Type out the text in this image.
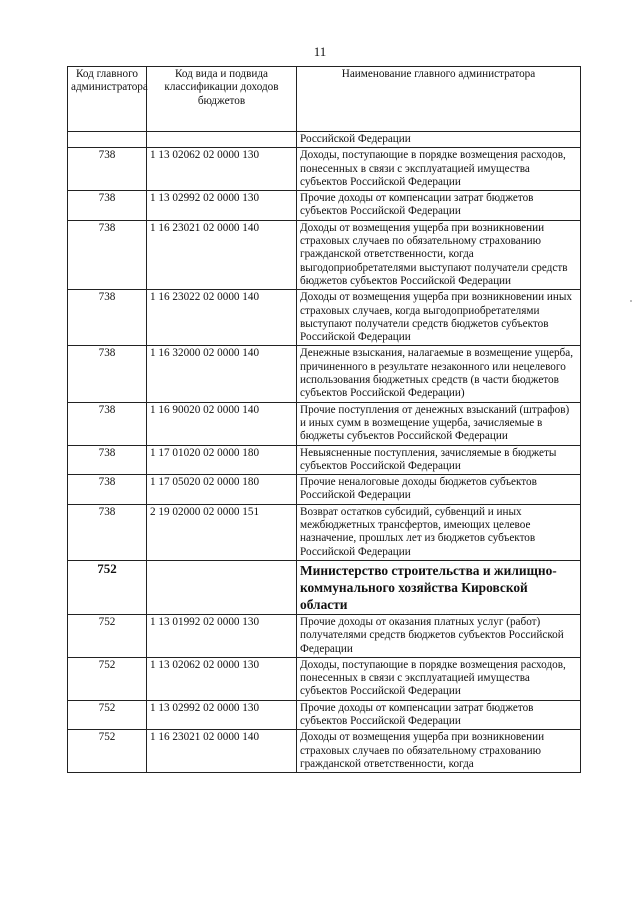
11
Код главного администратора	Код вида и подвида классификации доходов бюджетов	Наименование главного администратора
		Российской Федерации
738	1 13 02062 02 0000 130	Доходы, поступающие в порядке возмещения расходов, понесенных в связи с эксплуатацией имущества субъектов Российской Федерации
738	1 13 02992 02 0000 130	Прочие доходы от компенсации затрат бюджетов субъектов Российской Федерации
738	1 16 23021 02 0000 140	Доходы от возмещения ущерба при возникновении страховых случаев по обязательному страхованию гражданской ответственности, когда выгодоприобретателями выступают получатели средств бюджетов субъектов Российской Федерации
738	1 16 23022 02 0000 140	Доходы от возмещения ущерба при возникновении иных страховых случаев, когда выгодоприобретателями выступают получатели средств бюджетов субъектов Российской Федерации
738	1 16 32000 02 0000 140	Денежные взыскания, налагаемые в возмещение ущерба, причиненного в результате незаконного или нецелевого использования бюджетных средств (в части бюджетов субъектов Российской Федерации)
738	1 16 90020 02 0000 140	Прочие поступления от денежных взысканий (штрафов) и иных сумм в возмещение ущерба, зачисляемые в бюджеты субъектов Российской Федерации
738	1 17 01020 02 0000 180	Невыясненные поступления, зачисляемые в бюджеты субъектов Российской Федерации
738	1 17 05020 02 0000 180	Прочие неналоговые доходы бюджетов субъектов Российской Федерации
738	2 19 02000 02 0000 151	Возврат остатков субсидий, субвенций и иных межбюджетных трансфертов, имеющих целевое назначение, прошлых лет из бюджетов субъектов Российской Федерации
752		Министерство строительства и жилищно-коммунального хозяйства Кировской области
752	1 13 01992 02 0000 130	Прочие доходы от оказания платных услуг (работ) получателями средств бюджетов субъектов Российской Федерации
752	1 13 02062 02 0000 130	Доходы, поступающие в порядке возмещения расходов, понесенных в связи с эксплуатацией имущества субъектов Российской Федерации
752	1 13 02992 02 0000 130	Прочие доходы от компенсации затрат бюджетов субъектов Российской Федерации
752	1 16 23021 02 0000 140	Доходы от возмещения ущерба при возникновении страховых случаев по обязательному страхованию гражданской ответственности, когда
